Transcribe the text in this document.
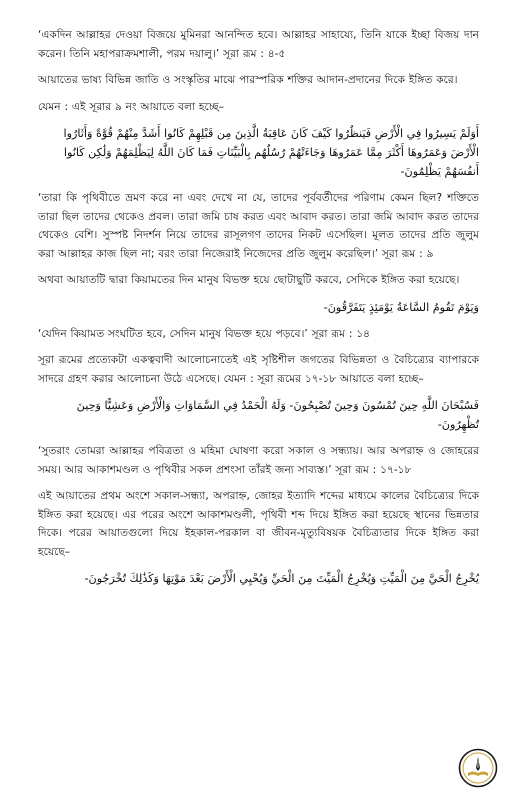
‘একদিন আল্লাহর দেওয়া বিজয়ে মুমিনরা আনন্দিত হবে। আল্লাহর সাহায্যে, তিনি যাকে ইচ্ছা বিজয় দান করেন। তিনি মহাপরাক্রমশালী, পরম দয়ালু।’ সূরা রূম : ৪-৫

আয়াতের ভাষ্য বিভিন্ন জাতি ও সংস্কৃতির মাঝে পারস্পরিক শক্তির আদান-প্রদানের দিকে ইঙ্গিত করে।

যেমন : এই সূরার ৯ নং আয়াতে বলা হচ্ছে–

أَوَلَمْ يَسِيرُوا فِي الْأَرْضِ فَيَنظُرُوا كَيْفَ كَانَ عَاقِبَةُ الَّذِينَ مِن قَبْلِهِمْ كَانُوا أَشَدَّ مِنْهُمْ قُوَّةً وَأَثَارُوا الْأَرْضَ وَعَمَرُوهَا أَكْثَرَ مِمَّا عَمَرُوهَا وَجَاءَتْهُمْ رُسُلُهُم بِالْبَيِّنَاتِ فَمَا كَانَ اللَّهُ لِيَظْلِمَهُمْ وَلَٰكِن كَانُوا أَنفُسَهُمْ يَظْلِمُونَ-

‘তারা কি পৃথিবীতে ভ্রমণ করে না এবং দেখে না যে, তাদের পূর্ববর্তীদের পরিণাম কেমন ছিল? শক্তিতে তারা ছিল তাদের থেকেও প্রবল। তারা জমি চাষ করত এবং আবাদ করত। তারা জমি আবাদ করত তাদের থেকেও বেশি। সুস্পষ্ট নিদর্শন নিয়ে তাদের রাসূলগণ তাদের নিকট এসেছিল। মূলত তাদের প্রতি জুলুম করা আল্লাহর কাজ ছিল না; বরং তারা নিজেরাই নিজেদের প্রতি জুলুম করেছিল।’ সূরা রূম : ৯

অথবা আয়াতটি দ্বারা কিয়ামতের দিন মানুষ বিভক্ত হয়ে ছোটাছুটি করবে, সেদিকে ইঙ্গিত করা হয়েছে।

وَيَوْمَ تَقُومُ السَّاعَةُ يَوْمَئِذٍ يَتَفَرَّقُونَ-

‘যেদিন কিয়ামত সংঘটিত হবে, সেদিন মানুষ বিভক্ত হয়ে পড়বে।’ সূরা রূম : ১৪

সূরা রূমের প্রত্যেকটা একত্ববাদী আলোচনাতেই এই সৃষ্টিশীল জগতের বিভিন্নতা ও বৈচিত্র্যের ব্যাপারকে সাদরে গ্রহণ করার আলোচনা উঠে এসেছে। যেমন : সূরা রূমের ১৭-১৮ আয়াতে বলা হচ্ছে–

فَسُبْحَانَ اللَّهِ حِينَ تُمْسُونَ وَحِينَ تُصْبِحُونَ- وَلَهُ الْحَمْدُ فِي السَّمَاوَاتِ وَالْأَرْضِ وَعَشِيًّا وَحِينَ تُظْهِرُونَ-

‘সুতরাং তোমরা আল্লাহর পবিত্রতা ও মহিমা ঘোষণা করো সকাল ও সন্ধ্যায়। আর অপরাহ্ন ও জোহরের সময়। আর আকাশমণ্ডল ও পৃথিবীর সকল প্রশংসা তাঁরই জন্য সাব্যস্ত।’ সূরা রূম : ১৭-১৮

এই আয়াতের প্রথম অংশে সকাল-সন্ধ্যা, অপরাহ্ন, জোহর ইত্যাদি শব্দের মাধ্যমে কালের বৈচিত্র্যের দিকে ইঙ্গিত করা হয়েছে। এর পরের অংশে আকাশমণ্ডলী, পৃথিবী শব্দ দিয়ে ইঙ্গিত করা হয়েছে স্থানের ভিন্নতার দিকে। পরের আয়াতগুলো দিয়ে ইহকাল-পরকাল বা জীবন-মৃত্যুবিষয়ক বৈচিত্র্যতার দিকে ইঙ্গিত করা হয়েছে–

يُخْرِجُ الْحَيَّ مِنَ الْمَيِّتِ وَيُخْرِجُ الْمَيِّتَ مِنَ الْحَيِّ وَيُحْيِي الْأَرْضَ بَعْدَ مَوْتِهَا وَكَذَٰلِكَ تُخْرَجُونَ-
